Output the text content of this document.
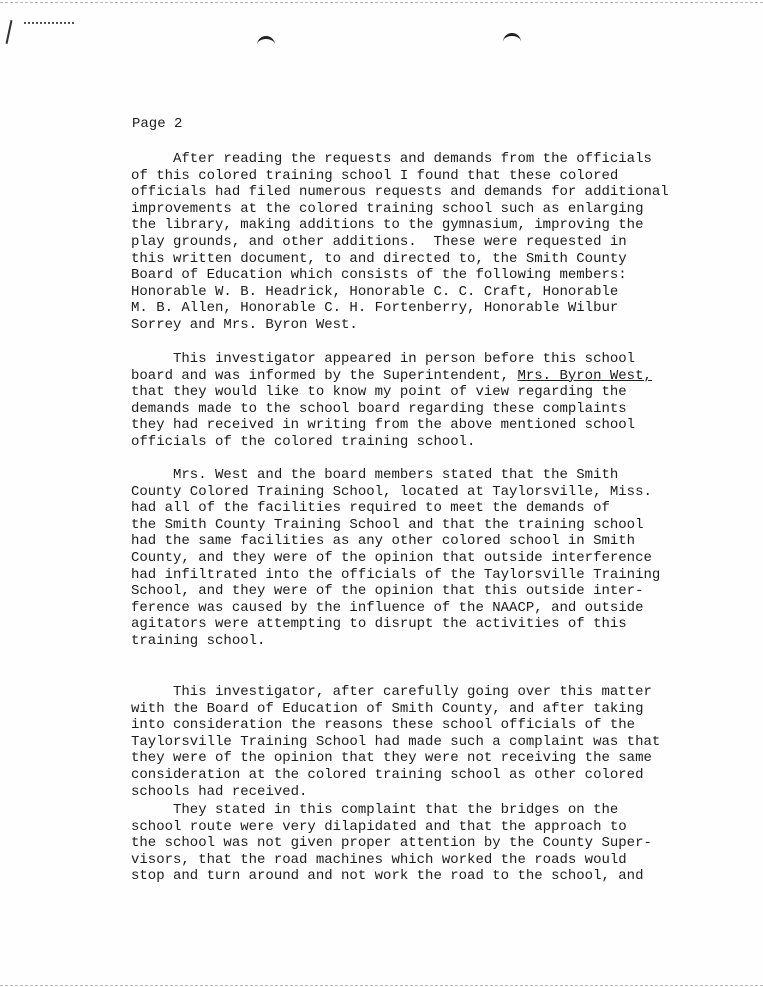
Page 2
After reading the requests and demands from the officials
of this colored training school I found that these colored
officials had filed numerous requests and demands for additional
improvements at the colored training school such as enlarging
the library, making additions to the gymnasium, improving the
play grounds, and other additions.  These were requested in
this written document, to and directed to, the Smith County
Board of Education which consists of the following members:
Honorable W. B. Headrick, Honorable C. C. Craft, Honorable
M. B. Allen, Honorable C. H. Fortenberry, Honorable Wilbur
Sorrey and Mrs. Byron West.
This investigator appeared in person before this school
board and was informed by the Superintendent, Mrs. Byron West,
that they would like to know my point of view regarding the
demands made to the school board regarding these complaints
they had received in writing from the above mentioned school
officials of the colored training school.
Mrs. West and the board members stated that the Smith
County Colored Training School, located at Taylorsville, Miss.
had all of the facilities required to meet the demands of
the Smith County Training School and that the training school
had the same facilities as any other colored school in Smith
County, and they were of the opinion that outside interference
had infiltrated into the officials of the Taylorsville Training
School, and they were of the opinion that this outside inter-
ference was caused by the influence of the NAACP, and outside
agitators were attempting to disrupt the activities of this
training school.
This investigator, after carefully going over this matter
with the Board of Education of Smith County, and after taking
into consideration the reasons these school officials of the
Taylorsville Training School had made such a complaint was that
they were of the opinion that they were not receiving the same
consideration at the colored training school as other colored
schools had received.
They stated in this complaint that the bridges on the
school route were very dilapidated and that the approach to
the school was not given proper attention by the County Super-
visors, that the road machines which worked the roads would
stop and turn around and not work the road to the school, and
